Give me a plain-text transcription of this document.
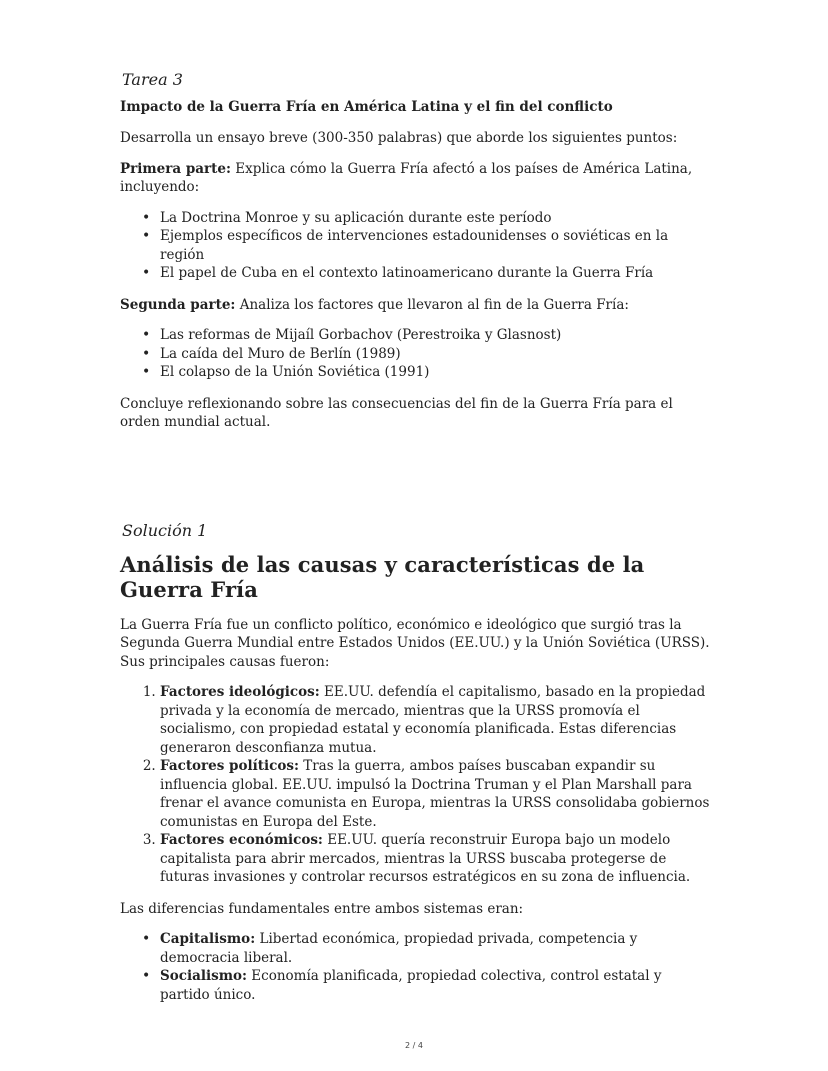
Tarea 3
Impacto de la Guerra Fría en América Latina y el fin del conflicto

Desarrolla un ensayo breve (300-350 palabras) que aborde los siguientes puntos:

Primera parte: Explica cómo la Guerra Fría afectó a los países de América Latina, incluyendo:

• La Doctrina Monroe y su aplicación durante este período
• Ejemplos específicos de intervenciones estadounidenses o soviéticas en la región
• El papel de Cuba en el contexto latinoamericano durante la Guerra Fría

Segunda parte: Analiza los factores que llevaron al fin de la Guerra Fría:

• Las reformas de Mijaíl Gorbachov (Perestroika y Glasnost)
• La caída del Muro de Berlín (1989)
• El colapso de la Unión Soviética (1991)

Concluye reflexionando sobre las consecuencias del fin de la Guerra Fría para el orden mundial actual.

Solución 1
Análisis de las causas y características de la Guerra Fría

La Guerra Fría fue un conflicto político, económico e ideológico que surgió tras la Segunda Guerra Mundial entre Estados Unidos (EE.UU.) y la Unión Soviética (URSS). Sus principales causas fueron:

1. Factores ideológicos: EE.UU. defendía el capitalismo, basado en la propiedad privada y la economía de mercado, mientras que la URSS promovía el socialismo, con propiedad estatal y economía planificada. Estas diferencias generaron desconfianza mutua.
2. Factores políticos: Tras la guerra, ambos países buscaban expandir su influencia global. EE.UU. impulsó la Doctrina Truman y el Plan Marshall para frenar el avance comunista en Europa, mientras la URSS consolidaba gobiernos comunistas en Europa del Este.
3. Factores económicos: EE.UU. quería reconstruir Europa bajo un modelo capitalista para abrir mercados, mientras la URSS buscaba protegerse de futuras invasiones y controlar recursos estratégicos en su zona de influencia.

Las diferencias fundamentales entre ambos sistemas eran:

• Capitalismo: Libertad económica, propiedad privada, competencia y democracia liberal.
• Socialismo: Economía planificada, propiedad colectiva, control estatal y partido único.
2 / 4
